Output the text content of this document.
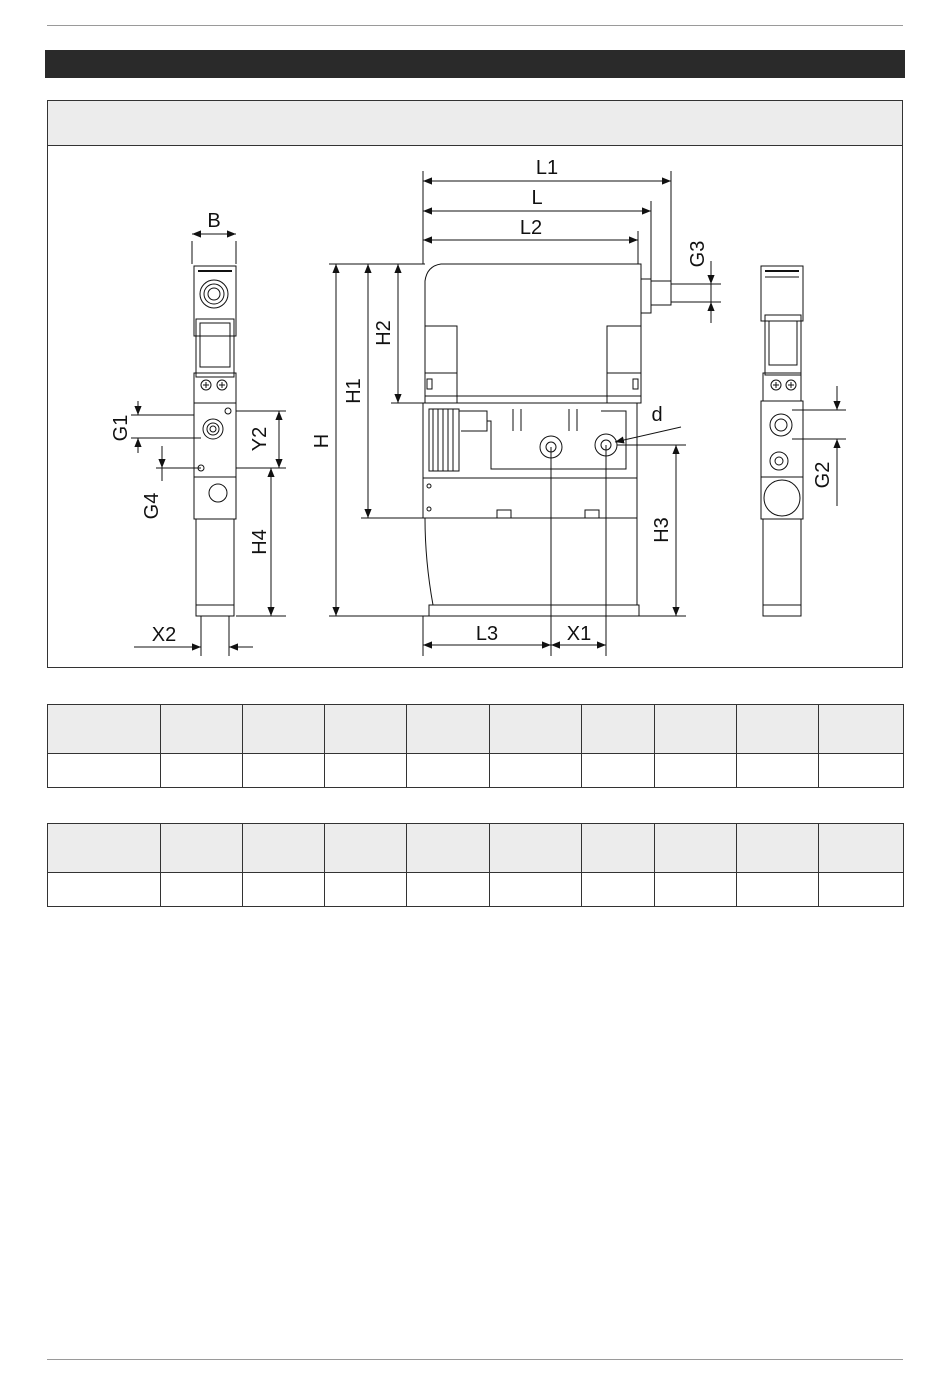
B
L1
L
L2
G3
H
H1
H2
H3
H4
G1
G2
G4
Y2
d
X1
X2	L3
